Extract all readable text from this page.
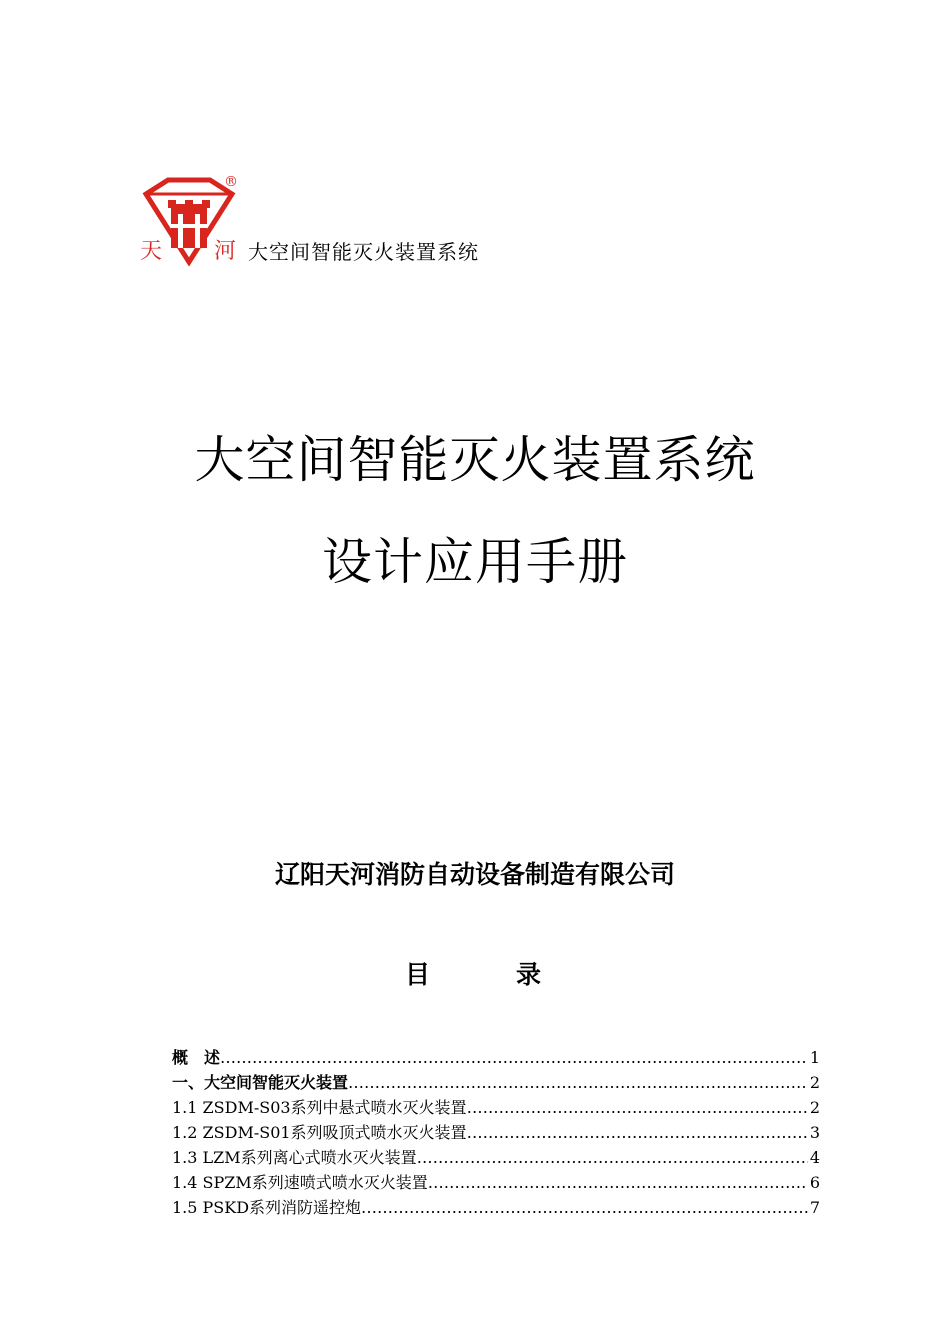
天 河
®
大空间智能灭火装置系统
大空间智能灭火装置系统
设计应用手册
辽阳天河消防自动设备制造有限公司
目	录
概　述 …………………………………………………………………………………………………………………………	1
一、大空间智能灭火装置 …………………………………………………………………………………………………………………………	2
1.1 ZSDM-S03系列中悬式喷水灭火装置 …………………………………………………………………………………………………………………………	2
1.2 ZSDM-S01系列吸顶式喷水灭火装置 …………………………………………………………………………………………………………………………	3
1.3 LZM系列离心式喷水灭火装置 …………………………………………………………………………………………………………………………	4
1.4 SPZM系列速喷式喷水灭火装置 …………………………………………………………………………………………………………………………	6
1.5 PSKD系列消防遥控炮 …………………………………………………………………………………………………………………………	7
